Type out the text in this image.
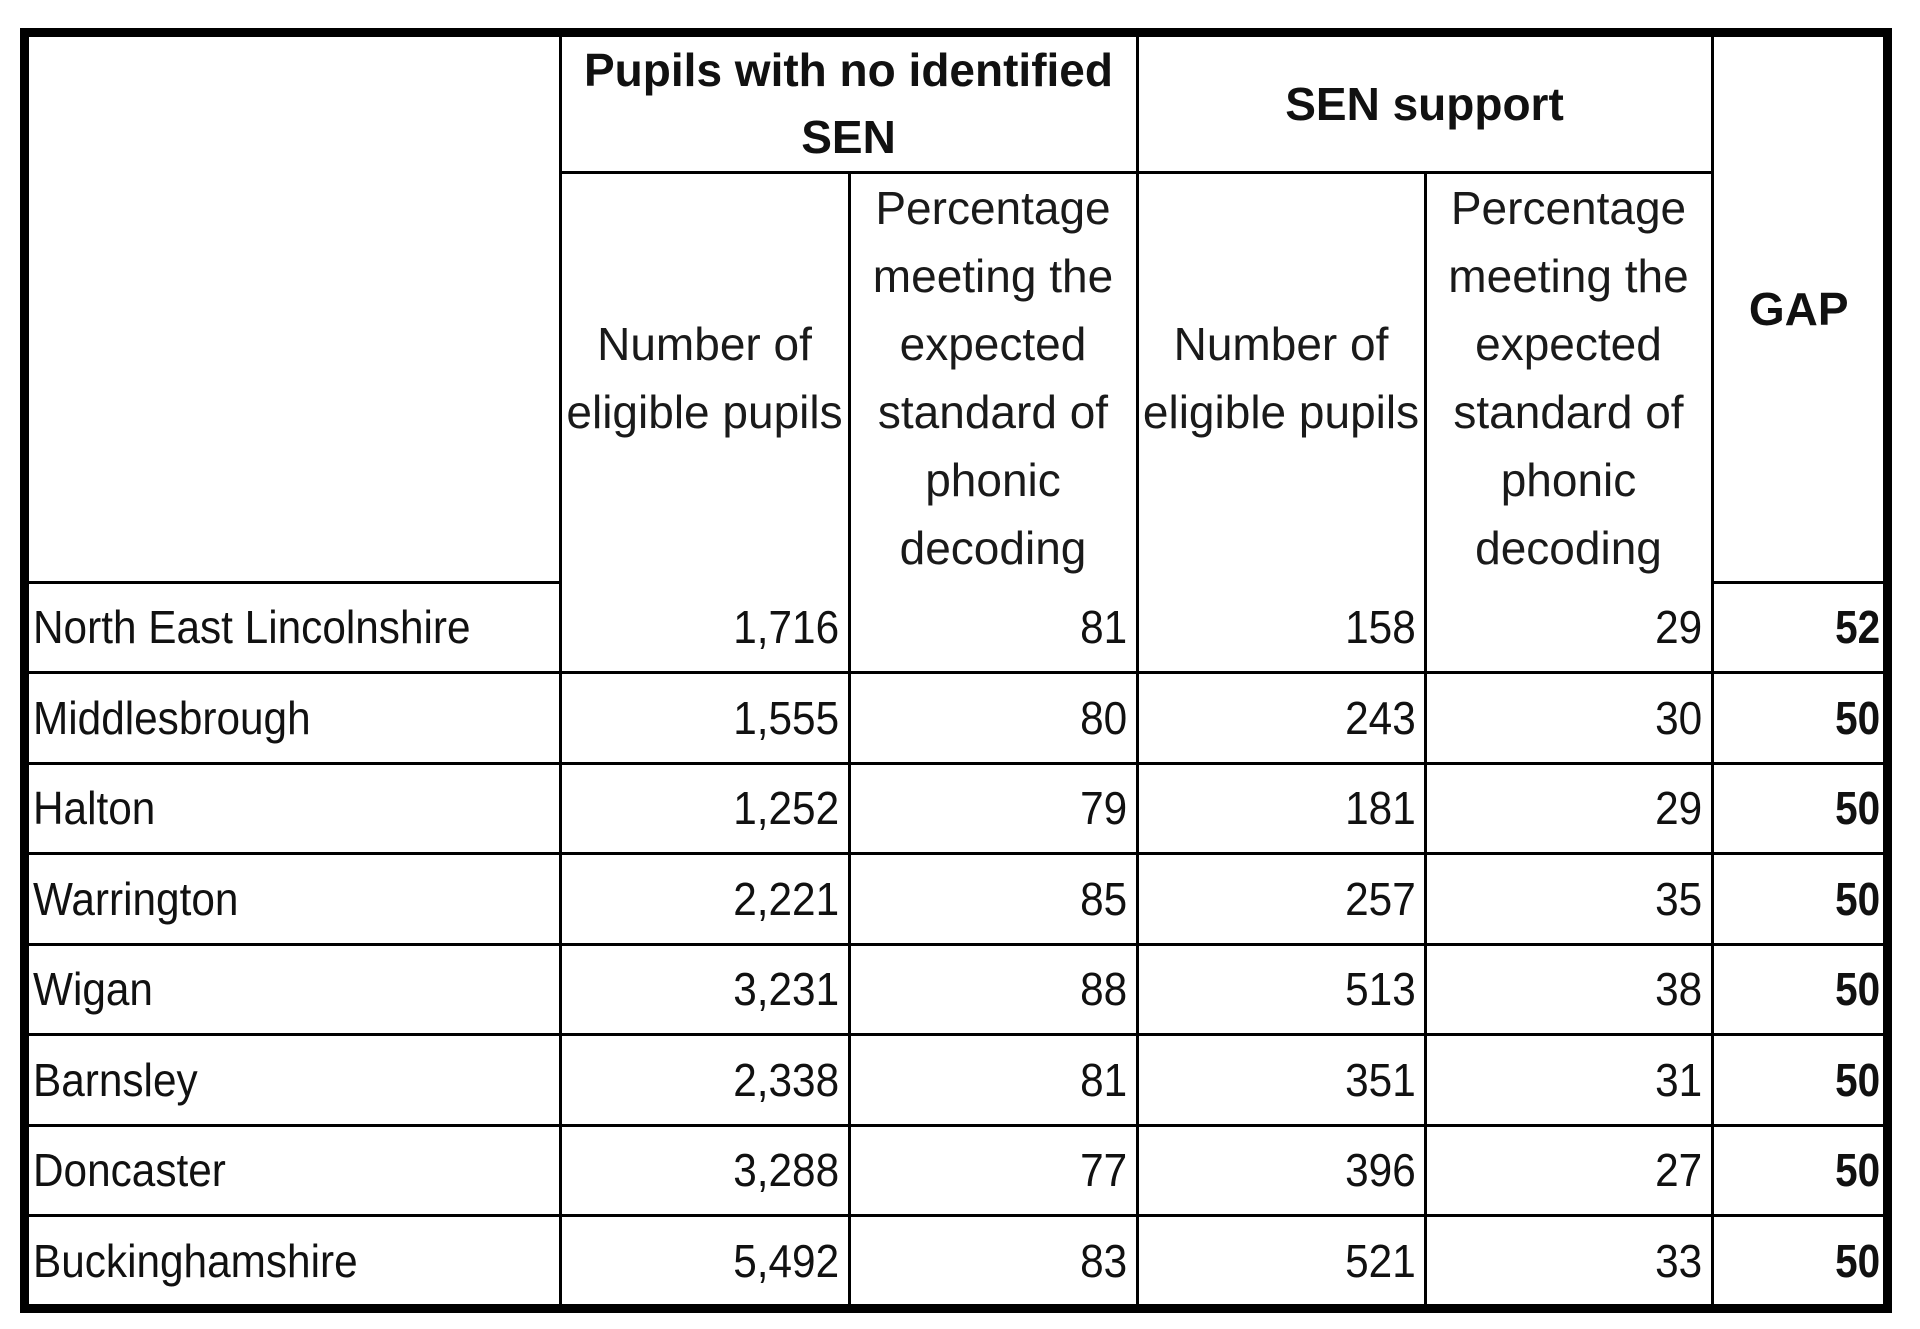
	Pupils with no identified SEN		SEN support		GAP
	Number of eligible pupils	Percentage meeting the expected standard of phonic decoding	Number of eligible pupils	Percentage meeting the expected standard of phonic decoding	
North East Lincolnshire	1,716	81	158	29	52
Middlesbrough	1,555	80	243	30	50
Halton	1,252	79	181	29	50
Warrington	2,221	85	257	35	50
Wigan	3,231	88	513	38	50
Barnsley	2,338	81	351	31	50
Doncaster	3,288	77	396	27	50
Buckinghamshire	5,492	83	521	33	50
